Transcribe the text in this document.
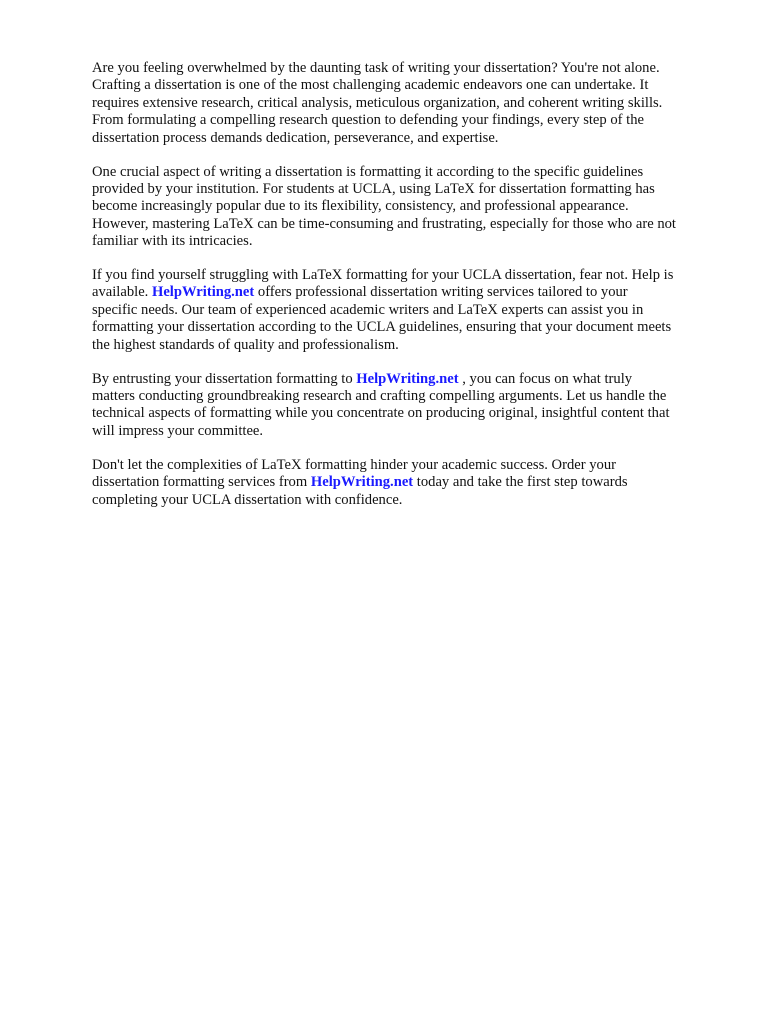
Are you feeling overwhelmed by the daunting task of writing your dissertation? You're not alone.
Crafting a dissertation is one of the most challenging academic endeavors one can undertake. It
requires extensive research, critical analysis, meticulous organization, and coherent writing skills.
From formulating a compelling research question to defending your findings, every step of the
dissertation process demands dedication, perseverance, and expertise.

One crucial aspect of writing a dissertation is formatting it according to the specific guidelines
provided by your institution. For students at UCLA, using LaTeX for dissertation formatting has
become increasingly popular due to its flexibility, consistency, and professional appearance.
However, mastering LaTeX can be time-consuming and frustrating, especially for those who are not
familiar with its intricacies.

If you find yourself struggling with LaTeX formatting for your UCLA dissertation, fear not. Help is
available. HelpWriting.net offers professional dissertation writing services tailored to your
specific needs. Our team of experienced academic writers and LaTeX experts can assist you in
formatting your dissertation according to the UCLA guidelines, ensuring that your document meets
the highest standards of quality and professionalism.

By entrusting your dissertation formatting to HelpWriting.net , you can focus on what truly
matters conducting groundbreaking research and crafting compelling arguments. Let us handle the
technical aspects of formatting while you concentrate on producing original, insightful content that
will impress your committee.

Don't let the complexities of LaTeX formatting hinder your academic success. Order your
dissertation formatting services from HelpWriting.net today and take the first step towards
completing your UCLA dissertation with confidence.
